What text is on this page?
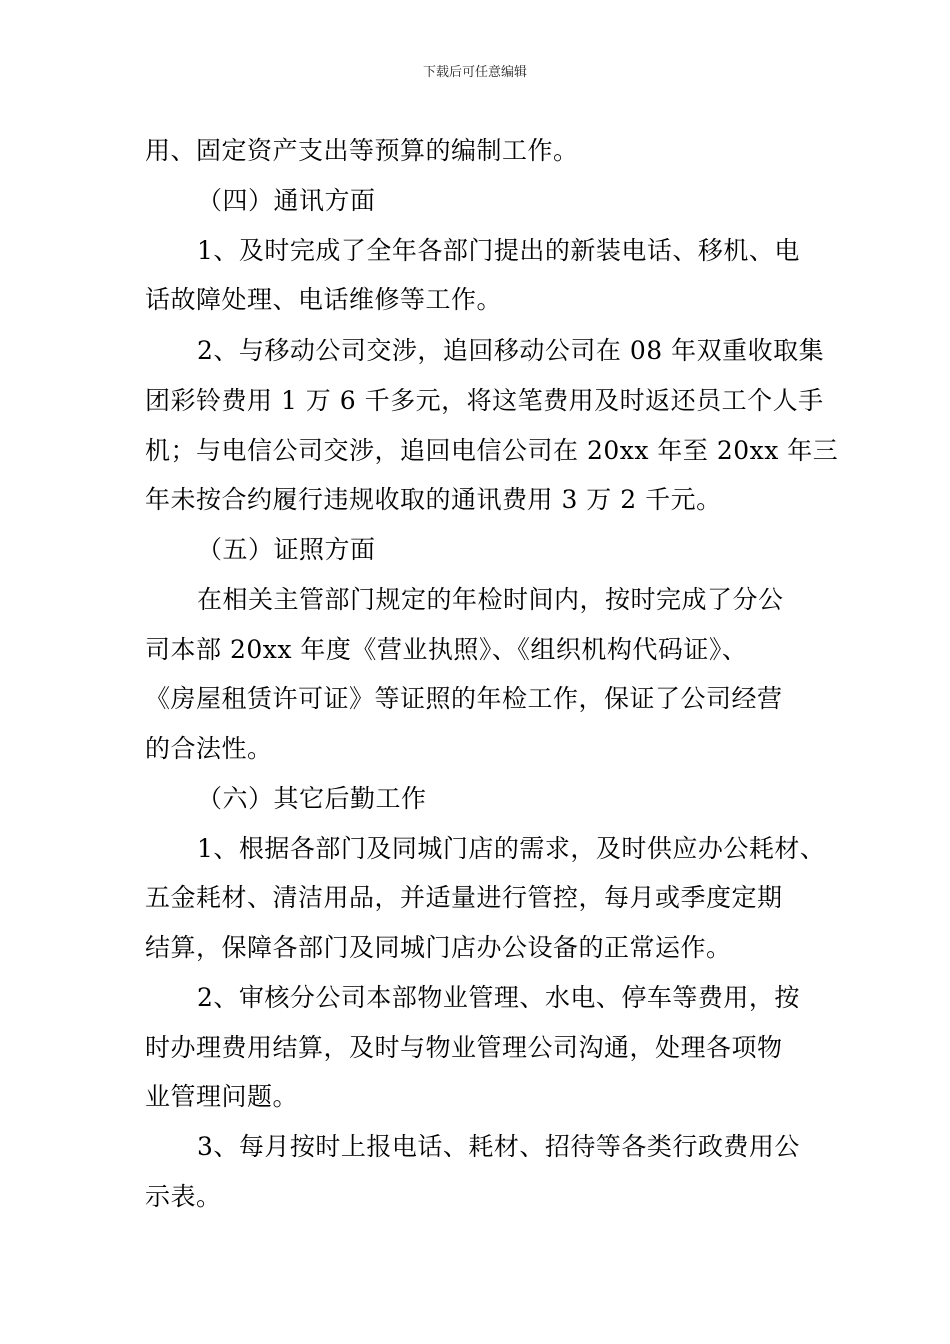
下载后可任意编辑
用、固定资产支出等预算的编制工作。
（四）通讯方面
1、及时完成了全年各部门提出的新装电话、移机、电
话故障处理、电话维修等工作。
2、与移动公司交涉，追回移动公司在 08 年双重收取集
团彩铃费用 1 万 6 千多元，将这笔费用及时返还员工个人手
机；与电信公司交涉，追回电信公司在 20xx 年至 20xx 年三
年未按合约履行违规收取的通讯费用 3 万 2 千元。
（五）证照方面
在相关主管部门规定的年检时间内，按时完成了分公
司本部 20xx 年度《营业执照》、《组织机构代码证》、
《房屋租赁许可证》等证照的年检工作，保证了公司经营
的合法性。
（六）其它后勤工作
1、根据各部门及同城门店的需求，及时供应办公耗材、
五金耗材、清洁用品，并适量进行管控，每月或季度定期
结算，保障各部门及同城门店办公设备的正常运作。
2、审核分公司本部物业管理、水电、停车等费用，按
时办理费用结算，及时与物业管理公司沟通，处理各项物
业管理问题。
3、每月按时上报电话、耗材、招待等各类行政费用公
示表。
